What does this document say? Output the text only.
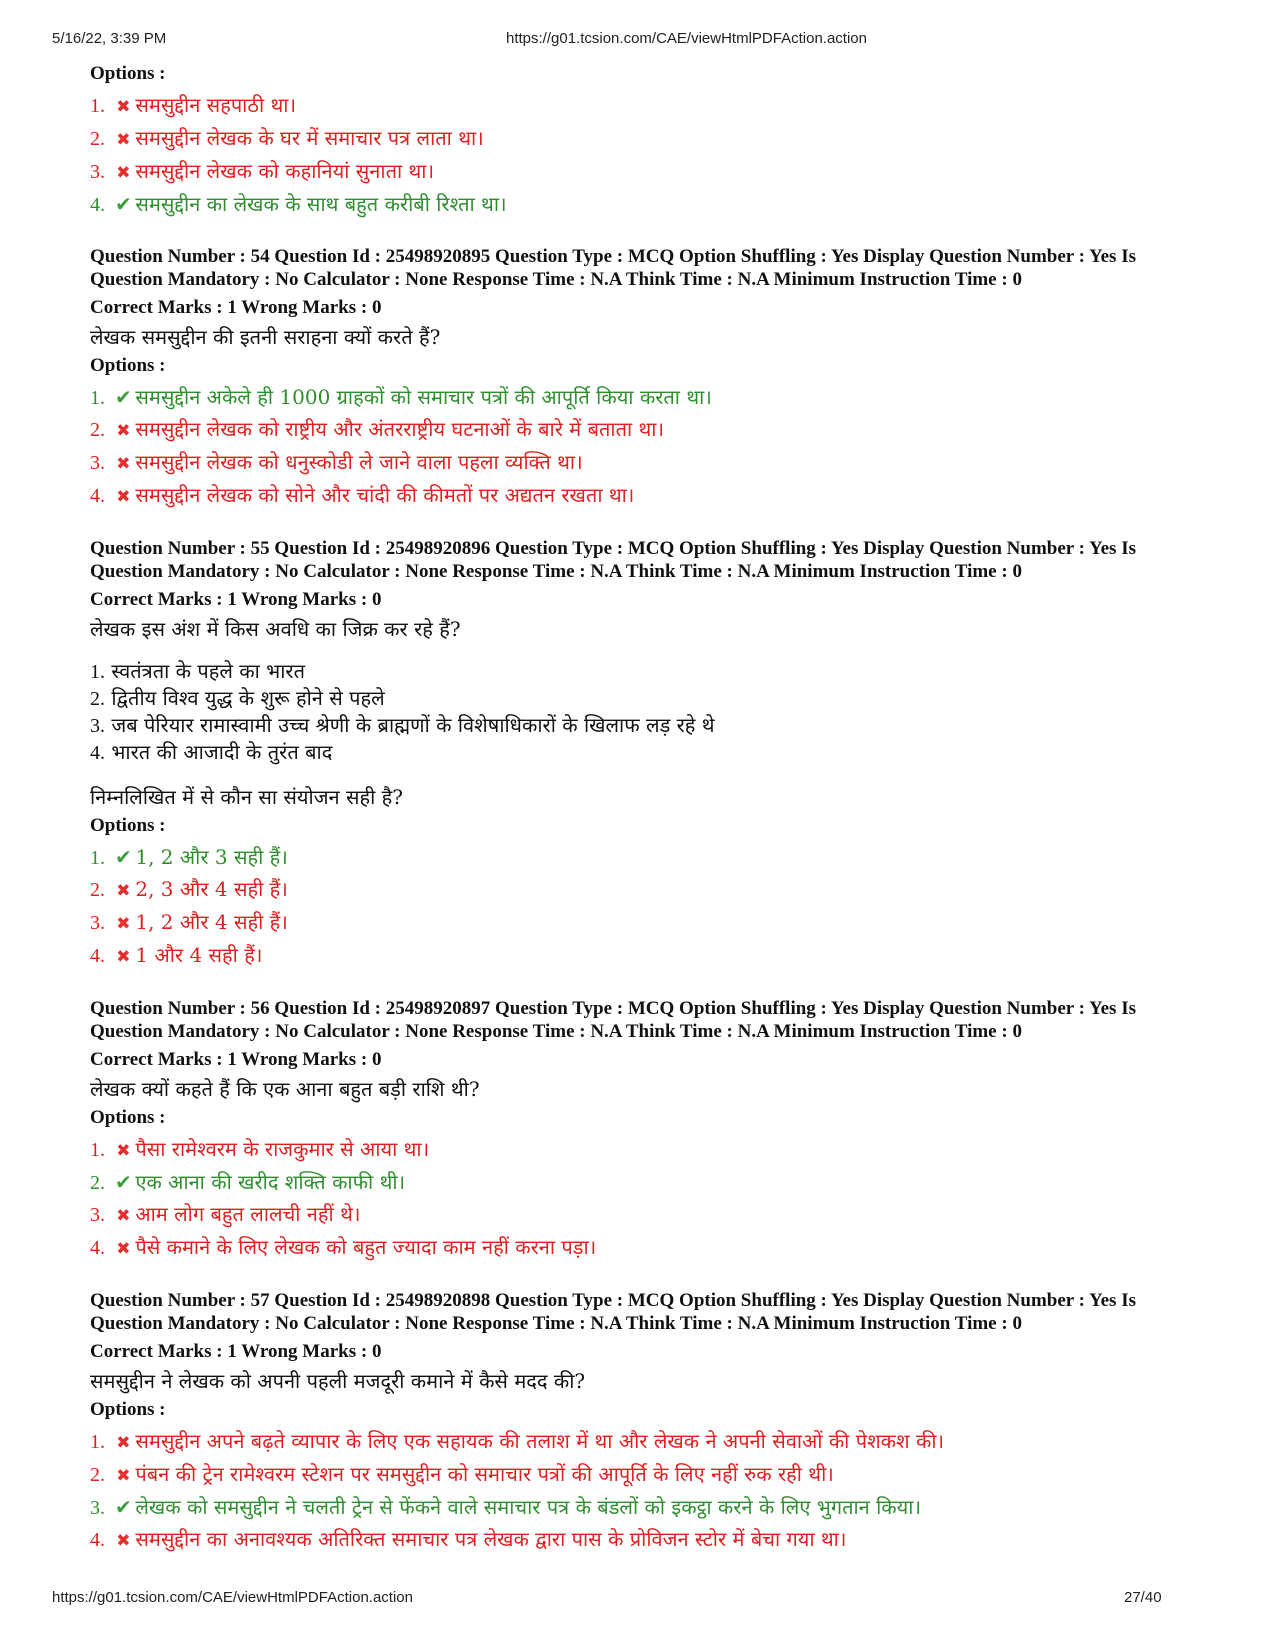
5/16/22, 3:39 PM	https://g01.tcsion.com/CAE/viewHtmlPDFAction.action
Options :
1. ✖ समसुद्दीन सहपाठी था।
2. ✖ समसुद्दीन लेखक के घर में समाचार पत्र लाता था।
3. ✖ समसुद्दीन लेखक को कहानियां सुनाता था।
4. ✔ समसुद्दीन का लेखक के साथ बहुत करीबी रिश्ता था।
Question Number : 54 Question Id : 25498920895 Question Type : MCQ Option Shuffling : Yes Display Question Number : Yes Is Question Mandatory : No Calculator : None Response Time : N.A Think Time : N.A Minimum Instruction Time : 0
Correct Marks : 1 Wrong Marks : 0
लेखक समसुद्दीन की इतनी सराहना क्यों करते हैं?
Options :
1. ✔ समसुद्दीन अकेले ही 1000 ग्राहकों को समाचार पत्रों की आपूर्ति किया करता था।
2. ✖ समसुद्दीन लेखक को राष्ट्रीय और अंतरराष्ट्रीय घटनाओं के बारे में बताता था।
3. ✖ समसुद्दीन लेखक को धनुस्कोडी ले जाने वाला पहला व्यक्ति था।
4. ✖ समसुद्दीन लेखक को सोने और चांदी की कीमतों पर अद्यतन रखता था।
Question Number : 55 Question Id : 25498920896 Question Type : MCQ Option Shuffling : Yes Display Question Number : Yes Is Question Mandatory : No Calculator : None Response Time : N.A Think Time : N.A Minimum Instruction Time : 0
Correct Marks : 1 Wrong Marks : 0
लेखक इस अंश में किस अवधि का जिक्र कर रहे हैं?
1. स्वतंत्रता के पहले का भारत
2. द्वितीय विश्व युद्ध के शुरू होने से पहले
3. जब पेरियार रामास्वामी उच्च श्रेणी के ब्राह्मणों के विशेषाधिकारों के खिलाफ लड़ रहे थे
4. भारत की आजादी के तुरंत बाद
निम्नलिखित में से कौन सा संयोजन सही है?
Options :
1. ✔ 1, 2 और 3 सही हैं।
2. ✖ 2, 3 और 4 सही हैं।
3. ✖ 1, 2 और 4 सही हैं।
4. ✖ 1 और 4 सही हैं।
Question Number : 56 Question Id : 25498920897 Question Type : MCQ Option Shuffling : Yes Display Question Number : Yes Is Question Mandatory : No Calculator : None Response Time : N.A Think Time : N.A Minimum Instruction Time : 0
Correct Marks : 1 Wrong Marks : 0
लेखक क्यों कहते हैं कि एक आना बहुत बड़ी राशि थी?
Options :
1. ✖ पैसा रामेश्वरम के राजकुमार से आया था।
2. ✔ एक आना की खरीद शक्ति काफी थी।
3. ✖ आम लोग बहुत लालची नहीं थे।
4. ✖ पैसे कमाने के लिए लेखक को बहुत ज्यादा काम नहीं करना पड़ा।
Question Number : 57 Question Id : 25498920898 Question Type : MCQ Option Shuffling : Yes Display Question Number : Yes Is Question Mandatory : No Calculator : None Response Time : N.A Think Time : N.A Minimum Instruction Time : 0
Correct Marks : 1 Wrong Marks : 0
समसुद्दीन ने लेखक को अपनी पहली मजदूरी कमाने में कैसे मदद की?
Options :
1. ✖ समसुद्दीन अपने बढ़ते व्यापार के लिए एक सहायक की तलाश में था और लेखक ने अपनी सेवाओं की पेशकश की।
2. ✖ पंबन की ट्रेन रामेश्वरम स्टेशन पर समसुद्दीन को समाचार पत्रों की आपूर्ति के लिए नहीं रुक रही थी।
3. ✔ लेखक को समसुद्दीन ने चलती ट्रेन से फेंकने वाले समाचार पत्र के बंडलों को इकट्ठा करने के लिए भुगतान किया।
4. ✖ समसुद्दीन का अनावश्यक अतिरिक्त समाचार पत्र लेखक द्वारा पास के प्रोविजन स्टोर में बेचा गया था।
https://g01.tcsion.com/CAE/viewHtmlPDFAction.action	27/40
